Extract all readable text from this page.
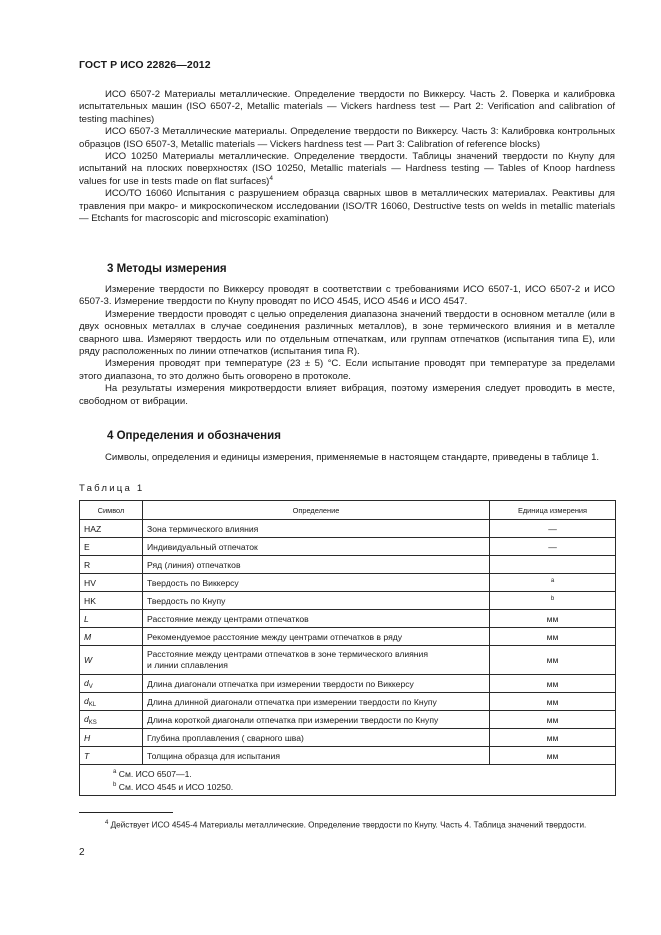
ГОСТ Р ИСО 22826—2012

ИСО 6507-2 Материалы металлические. Определение твердости по Виккерсу. Часть 2. Поверка и калибровка испытательных машин (ISO 6507-2, Metallic materials — Vickers hardness test — Part 2: Verification and calibration of testing machines)

ИСО 6507-3 Металлические материалы. Определение твердости по Виккерсу. Часть 3: Калибровка контрольных образцов (ISO 6507-3, Metallic materials — Vickers hardness test — Part 3: Calibration of reference blocks)

ИСО 10250 Материалы металлические. Определение твердости. Таблицы значений твердости по Кнупу для испытаний на плоских поверхностях (ISO 10250, Metallic materials — Hardness testing — Tables of Knoop hardness values for use in tests made on flat surfaces)$^4$

ИСО/ТО 16060 Испытания с разрушением образца сварных швов в металлических материалах. Реактивы для травления при макро- и микроскопическом исследовании (ISO/TR 16060, Destructive tests on welds in metallic materials — Etchants for macroscopic and microscopic examination)

3 Методы измерения

Измерение твердости по Виккерсу проводят в соответствии с требованиями ИСО 6507-1, ИСО 6507-2 и ИСО 6507-3. Измерение твердости по Кнупу проводят по ИСО 4545, ИСО 4546 и ИСО 4547.

Измерение твердости проводят с целью определения диапазона значений твердости в основном металле (или в двух основных металлах в случае соединения различных металлов), в зоне термического влияния и в металле сварного шва. Измеряют твердость или по отдельным отпечаткам, или группам отпечатков (испытания типа E), или ряду расположенных по линии отпечатков (испытания типа R).

Измерения проводят при температуре (23 ± 5) °С. Если испытание проводят при температуре за пределами этого диапазона, то это должно быть оговорено в протоколе.

На результаты измерения микротвердости влияет вибрация, поэтому измерения следует проводить в месте, свободном от вибрации.

4 Определения и обозначения

Символы, определения и единицы измерения, применяемые в настоящем стандарте, приведены в таблице 1.

Таблица 1
Символ	Определение	Единица измерения
HAZ	Зона термического влияния	—
E	Индивидуальный отпечаток	—
R	Ряд (линия) отпечатков	
HV	Твердость по Виккерсу	$^a$
HK	Твердость по Кнупу	$^b$
L	Расстояние между центрами отпечатков	мм
M	Рекомендуемое расстояние между центрами отпечатков в ряду	мм
W	Расстояние между центрами отпечатков в зоне термического влияния
и линии сплавления	мм
$d_V$	Длина диагонали отпечатка при измерении твердости по Виккерсу	мм
$d_{KL}$	Длина длинной диагонали отпечатка при измерении твердости по Кнупу	мм
$d_{KS}$	Длина короткой диагонали отпечатка при измерении твердости по Кнупу	мм
H	Глубина проплавления ( сварного шва)	мм
T	Толщина образца для испытания	мм

$^a$ См. ИСО 6507—1.
$^b$ См. ИСО 4545 и ИСО 10250.		
$^4$ Действует ИСО 4545-4 Материалы металлические. Определение твердости по Кнупу. Часть 4. Таблица значений твердости.
2
